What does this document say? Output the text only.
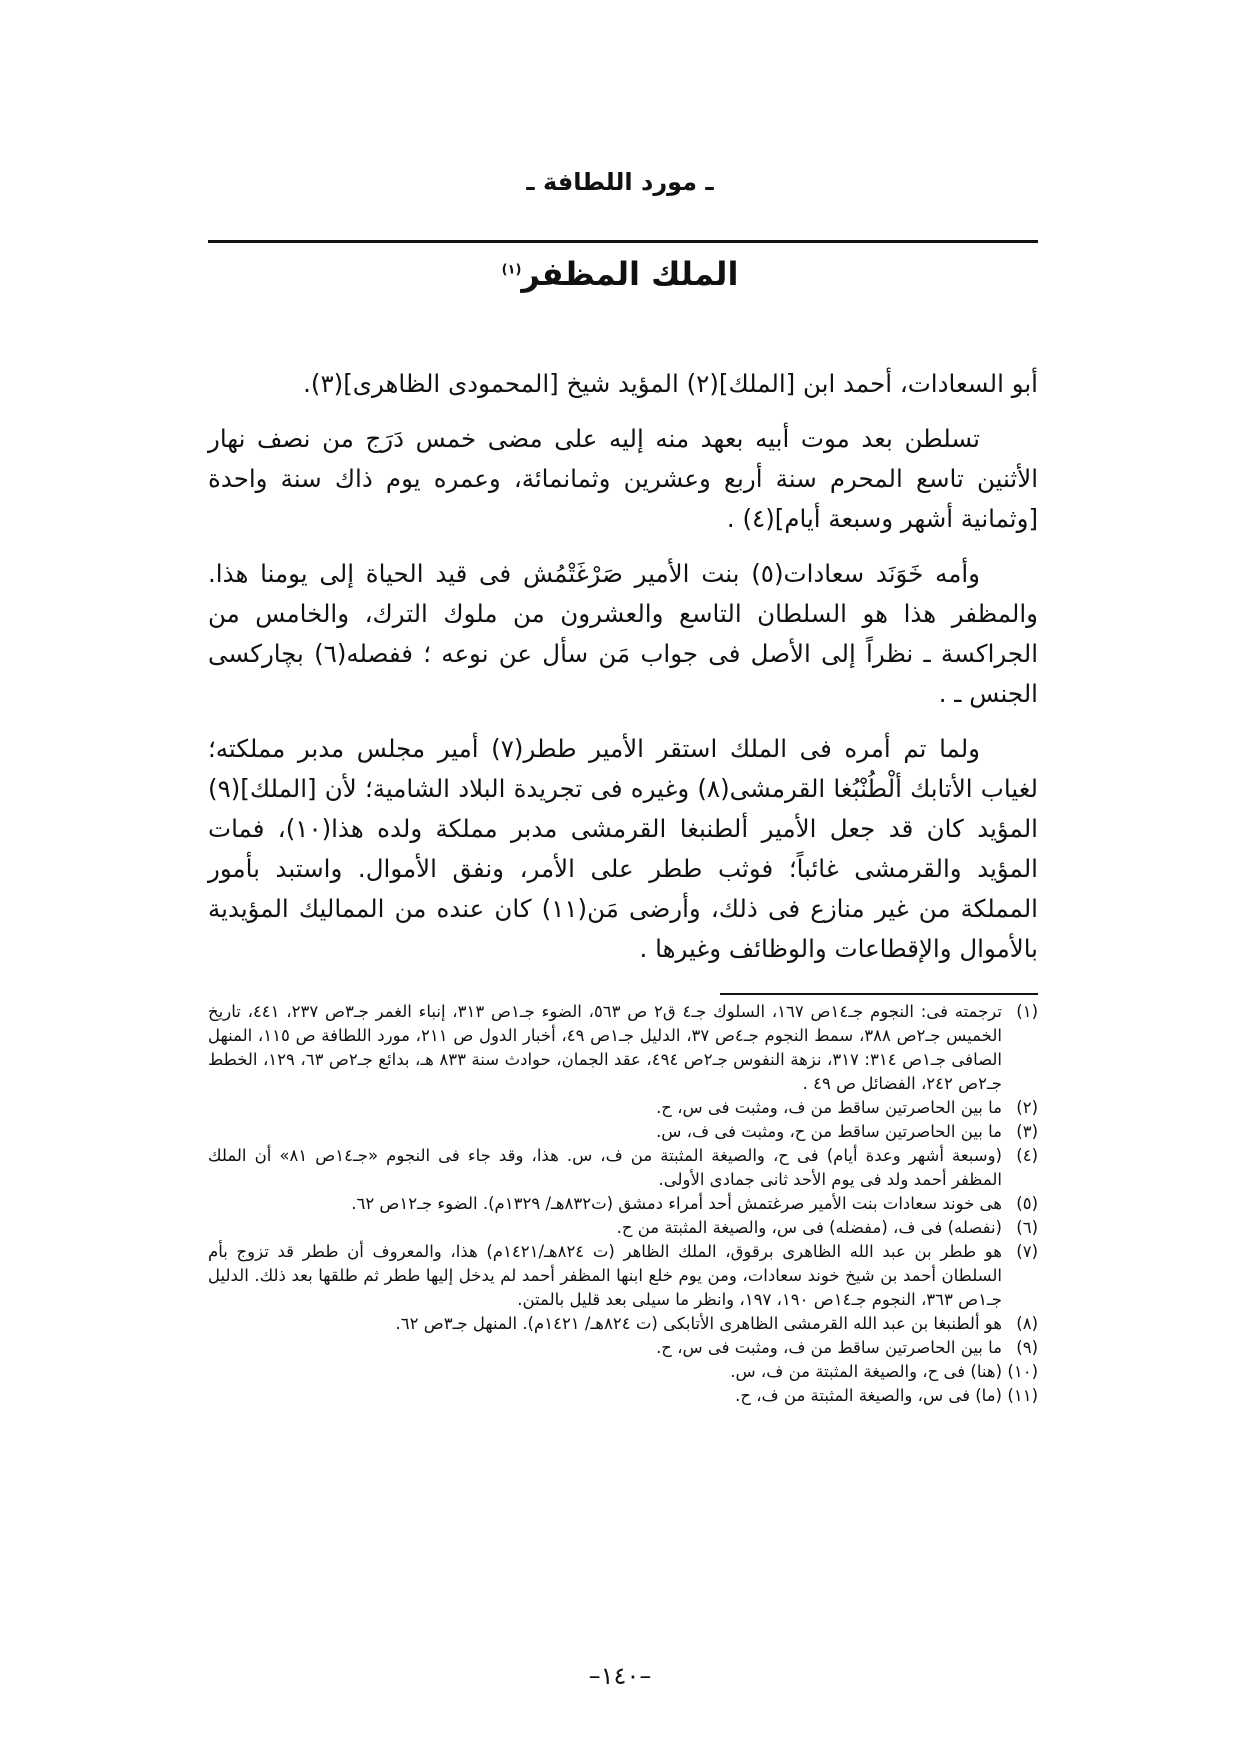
ـ مورد اللطافة ـ
الملك المظفر$^{(١)}$

أبو السعادات، أحمد ابن [الملك](٢) المؤيد شيخ [المحمودى الظاهرى](٣).

تسلطن بعد موت أبيه بعهد منه إليه على مضى خمس دَرَج من نصف نهار الأثنين تاسع المحرم سنة أربع وعشرين وثمانمائة، وعمره يوم ذاك سنة واحدة [وثمانية أشهر وسبعة أيام](٤) .

وأمه خَوَنَد سعادات(٥) بنت الأمير صَرْغَتْمُش فى قيد الحياة إلى يومنا هذا. والمظفر هذا هو السلطان التاسع والعشرون من ملوك الترك، والخامس من الجراكسة ـ نظراً إلى الأصل فى جواب مَن سأل عن نوعه ؛ ففصله(٦) بچاركسى الجنس ـ .

ولما تم أمره فى الملك استقر الأمير ططر(٧) أمير مجلس مدبر مملكته؛ لغياب الأتابك ألْطُنْبُغا القرمشى(٨) وغيره فى تجريدة البلاد الشامية؛ لأن [الملك](٩) المؤيد كان قد جعل الأمير ألطنبغا القرمشى مدبر مملكة ولده هذا(١٠)، فمات المؤيد والقرمشى غائباً؛ فوثب ططر على الأمر، ونفق الأموال. واستبد بأمور المملكة من غير منازع فى ذلك، وأرضى مَن(١١) كان عنده من المماليك المؤيدية بالأموال والإقطاعات والوظائف وغيرها .

(١)
ترجمته فى: النجوم جـ١٤ص ١٦٧، السلوك جـ٤ ق٢ ص ٥٦٣، الضوء جـ١ص ٣١٣، إنباء الغمر جـ٣ص ٢٣٧، ٤٤١، تاريخ الخميس جـ٢ص ٣٨٨، سمط النجوم جـ٤ص ٣٧، الدليل جـ١ص ٤٩، أخبار الدول ص ٢١١، مورد اللطافة ص ١١٥، المنهل الصافى جـ١ص ٣١٤: ٣١٧، نزهة النفوس جـ٢ص ٤٩٤، عقد الجمان، حوادث سنة ٨٣٣ هـ، بدائع جـ٢ص ٦٣، ١٢٩، الخطط جـ٢ص ٢٤٢، الفضائل ص ٤٩ .
(٢)
ما بين الحاصرتين ساقط من ف، ومثبت فى س، ح.
(٣)
ما بين الحاصرتين ساقط من ح، ومثبت فى ف، س.
(٤)
(وسبعة أشهر وعدة أيام) فى ح، والصيغة المثبتة من ف، س. هذا، وقد جاء فى النجوم «جـ١٤ص ٨١» أن الملك المظفر أحمد ولد فى يوم الأحد ثانى جمادى الأولى.
(٥)
هى خوند سعادات بنت الأمير صرغتمش أحد أمراء دمشق (ت٨٣٢هـ/ ١٣٢٩م). الضوء جـ١٢ص ٦٢.
(٦)
(نفصله) فى ف، (مفضله) فى س، والصيغة المثبتة من ح.
(٧)
هو ططر بن عبد الله الظاهرى برقوق، الملك الظاهر (ت ٨٢٤هـ/١٤٢١م) هذا، والمعروف أن ططر قد تزوج بأم السلطان أحمد بن شيخ خوند سعادات، ومن يوم خلع ابنها المظفر أحمد لم يدخل إليها ططر ثم طلقها بعد ذلك. الدليل جـ١ص ٣٦٣، النجوم جـ١٤ص ١٩٠، ١٩٧، وانظر ما سيلى بعد قليل بالمتن.
(٨)
هو ألطنبغا بن عبد الله القرمشى الظاهرى الأتابكى (ت ٨٢٤هـ/ ١٤٢١م). المنهل جـ٣ص ٦٢.
(٩)
ما بين الحاصرتين ساقط من ف، ومثبت فى س، ح.
(١٠)
(هنا) فى ح، والصيغة المثبتة من ف، س.
(١١)
(ما) فى س، والصيغة المثبتة من ف، ح.
–١٤٠–
